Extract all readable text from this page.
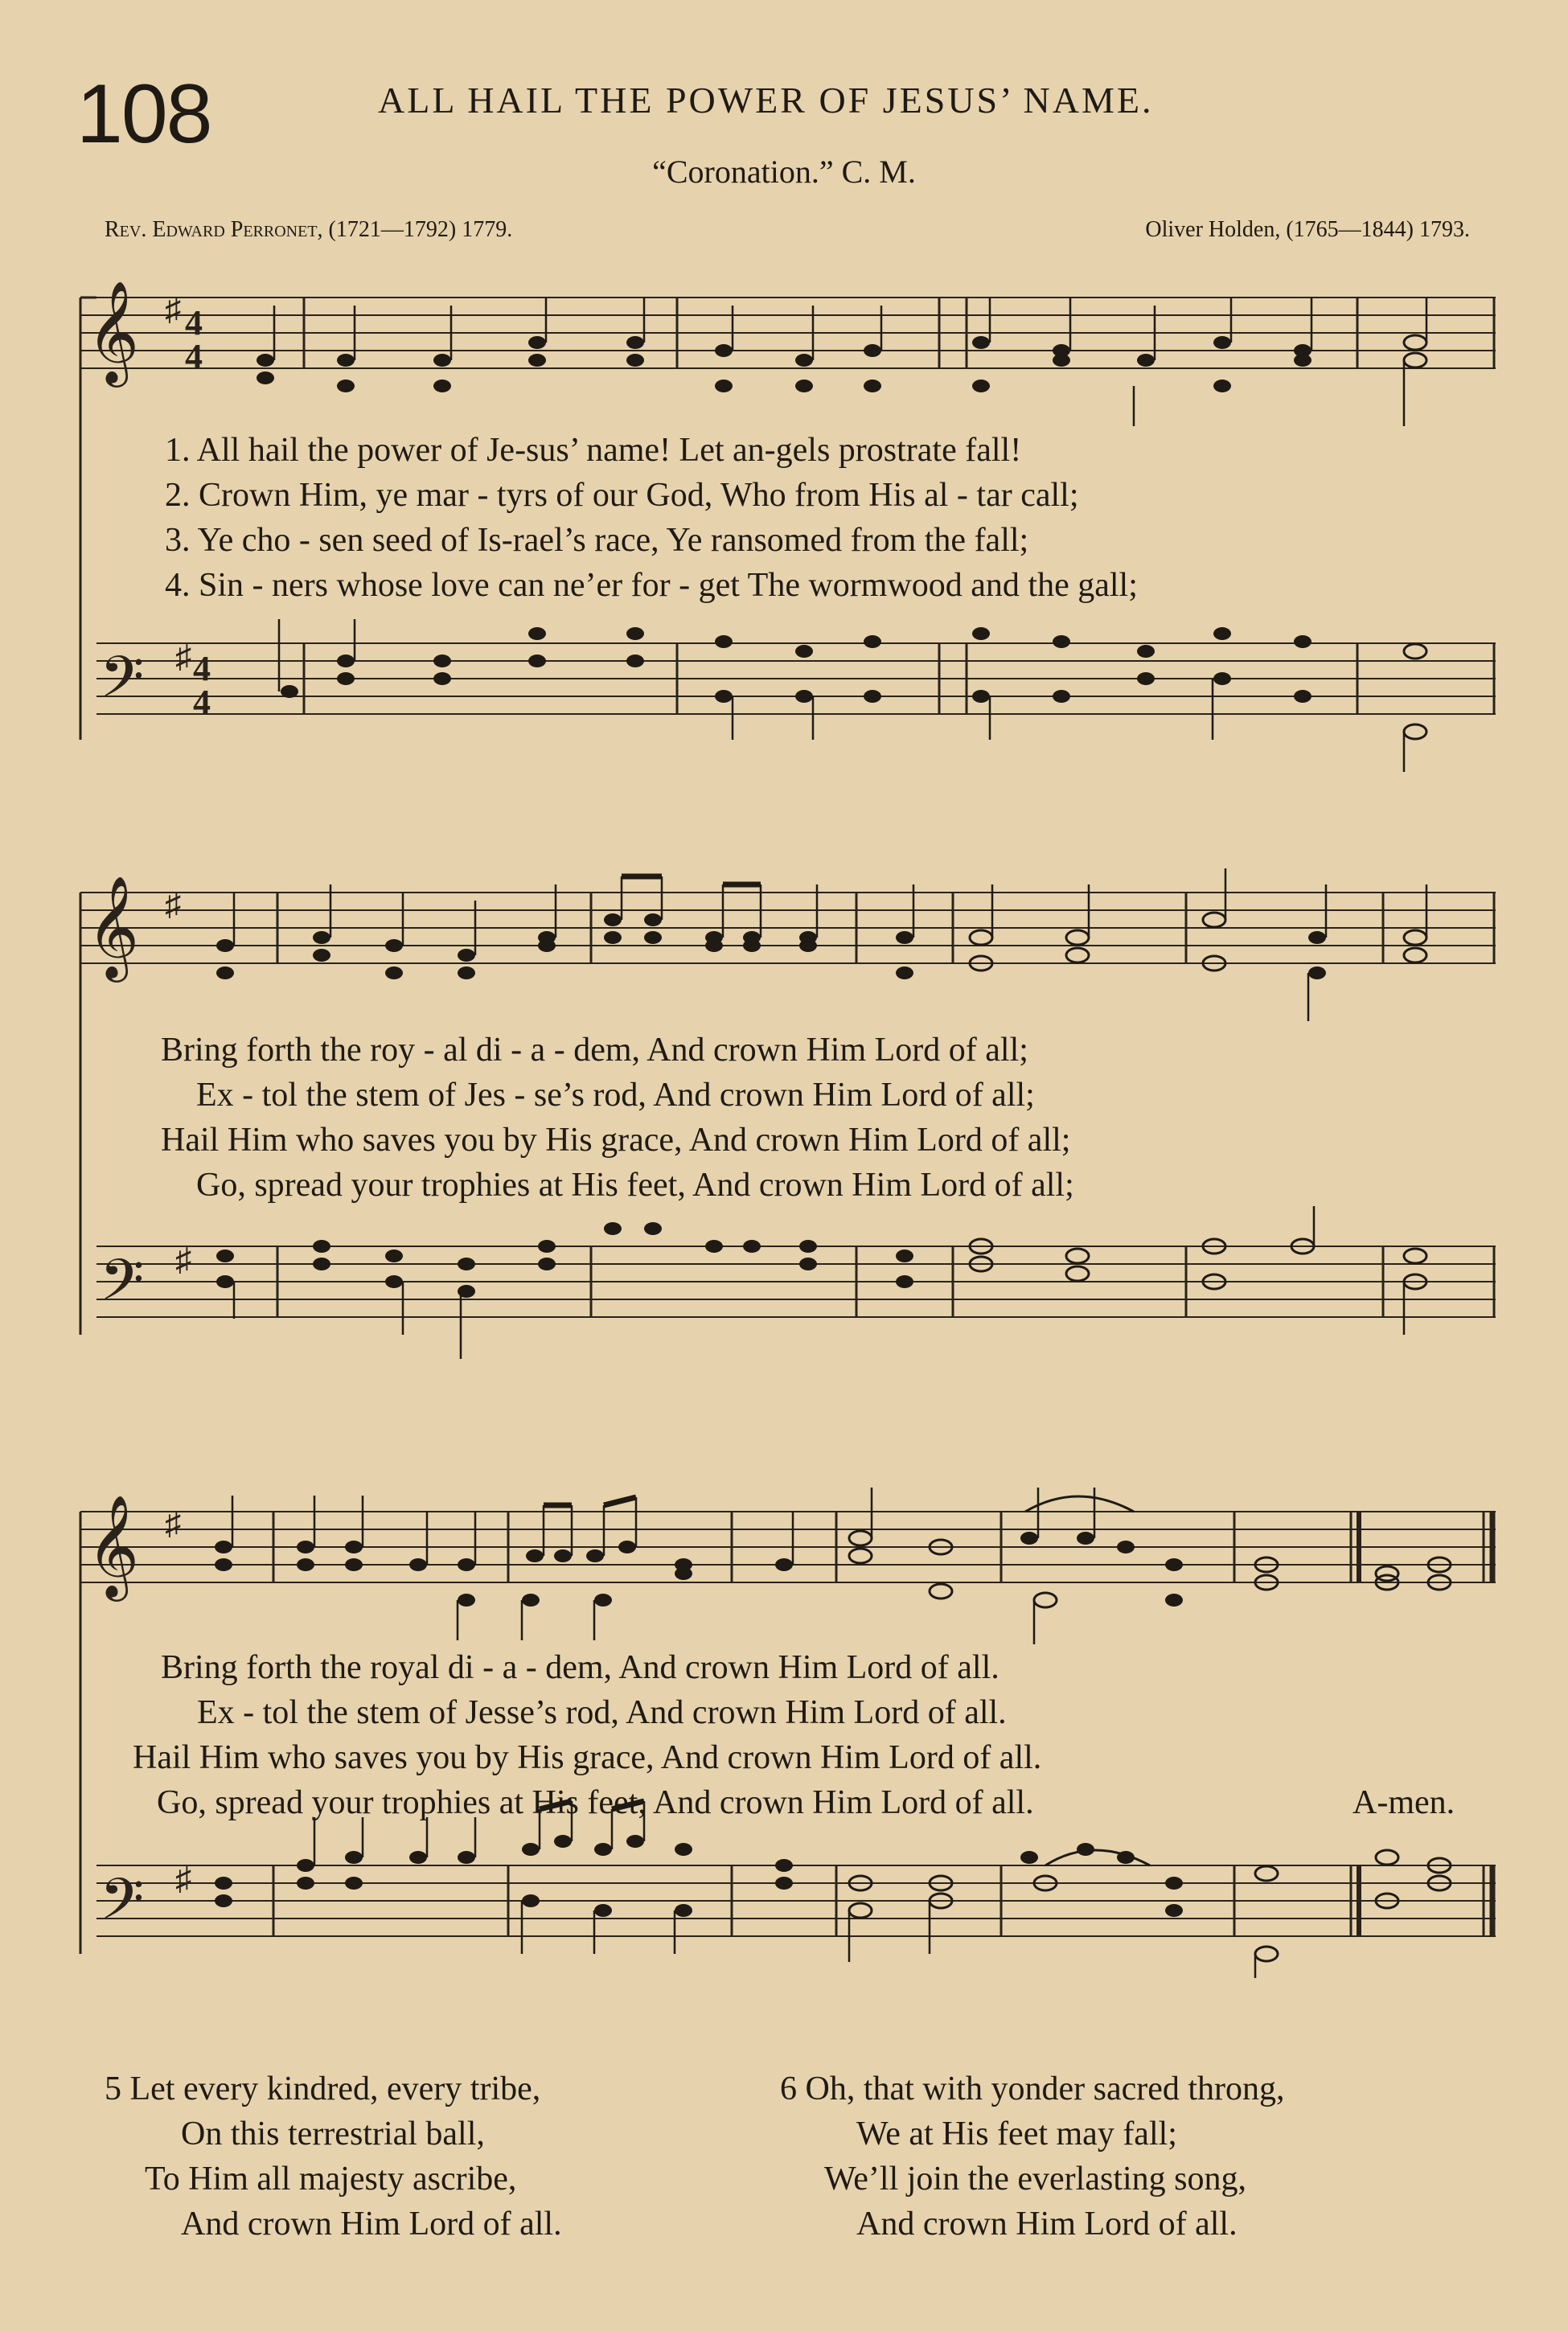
108	ALL HAIL THE POWER OF JESUS’ NAME.
“Coronation.” C. M.
Rev. Edward Perronet, (1721—1792) 1779.	Oliver Holden, (1765—1844) 1793.
𝄞
𝄢
♯
♯
4
4
4
4
1. All hail the power of Je-sus’ name! Let an-gels prostrate fall!
2. Crown Him, ye mar - tyrs of our God, Who from His al - tar call;
3. Ye cho - sen seed of Is-rael’s race, Ye ransomed from the fall;
4. Sin - ners whose love can ne’er for - get The wormwood and the gall;
𝄞
𝄢
♯
♯
Bring forth the roy - al di - a - dem, And crown Him Lord of all;
Ex - tol the stem of Jes - se’s rod, And crown Him Lord of all;
Hail Him who saves you by His grace, And crown Him Lord of all;
Go, spread your trophies at His feet, And crown Him Lord of all;
𝄞
𝄢
♯
♯
Bring forth the royal di - a - dem, And crown Him Lord of all.
Ex - tol the stem of Jesse’s rod, And crown Him Lord of all.
Hail Him who saves you by His grace, And crown Him Lord of all.
Go, spread your trophies at His feet, And crown Him Lord of all.	A-men.
5 Let every kindred, every tribe,
On this terrestrial ball,
To Him all majesty ascribe,
And crown Him Lord of all.
6 Oh, that with yonder sacred throng,
We at His feet may fall;
We’ll join the everlasting song,
And crown Him Lord of all.
